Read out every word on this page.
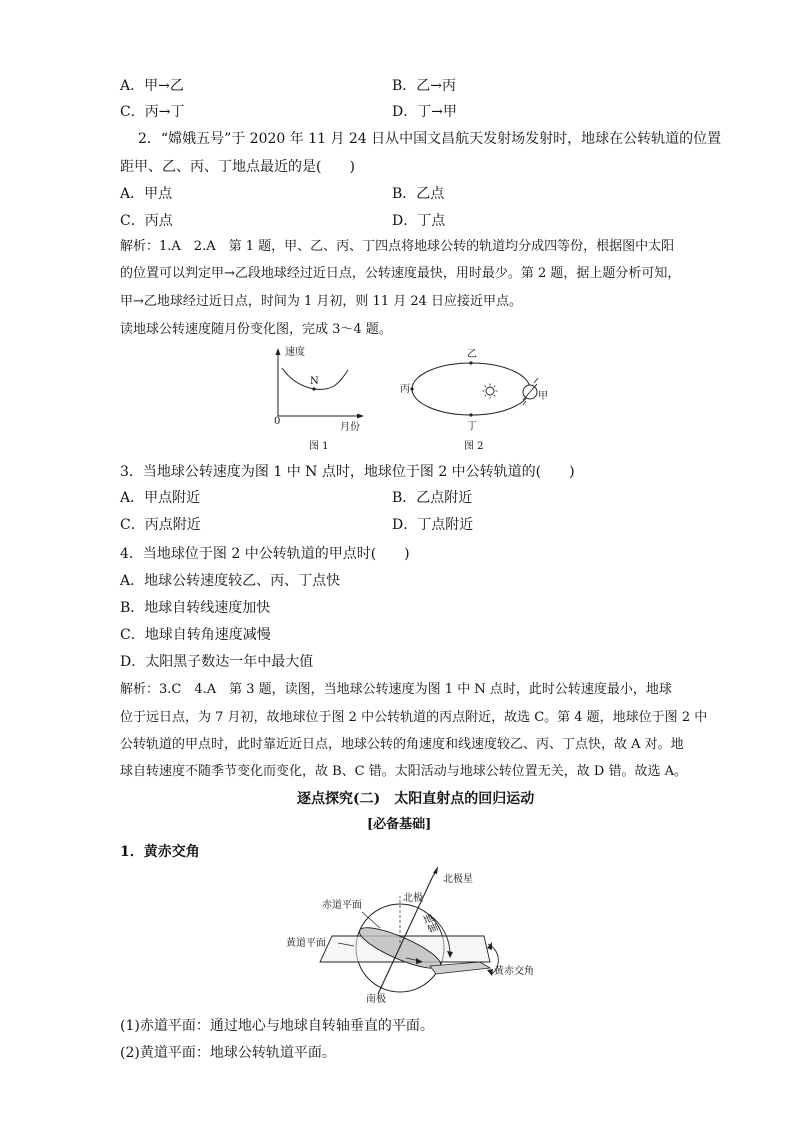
A．甲→乙	B．乙→丙
C．丙→丁	D．丁→甲
2．“嫦娥五号”于 2020 年 11 月 24 日从中国文昌航天发射场发射时，地球在公转轨道的位置
距甲、乙、丙、丁地点最近的是(　　)
A．甲点	B．乙点
C．丙点	D．丁点
解析：1.A　2.A　第 1 题，甲、乙、丙、丁四点将地球公转的轨道均分成四等份，根据图中太阳
的位置可以判定甲→乙段地球经过近日点，公转速度最快，用时最少。第 2 题，据上题分析可知，
甲→乙地球经过近日点，时间为 1 月初，则 11 月 24 日应接近甲点。
读地球公转速度随月份变化图，完成 3～4 题。
速度
N
0
月份
图 1
乙
丙
甲
丁
图 2
3．当地球公转速度为图 1 中 N 点时，地球位于图 2 中公转轨道的(　　)
A．甲点附近	B．乙点附近
C．丙点附近	D．丁点附近
4．当地球位于图 2 中公转轨道的甲点时(　　)
A．地球公转速度较乙、丙、丁点快
B．地球自转线速度加快
C．地球自转角速度减慢
D．太阳黑子数达一年中最大值
解析：3.C　4.A　第 3 题，读图，当地球公转速度为图 1 中 N 点时，此时公转速度最小，地球
位于远日点，为 7 月初，故地球位于图 2 中公转轨道的丙点附近，故选 C。第 4 题，地球位于图 2 中
公转轨道的甲点时，此时靠近近日点，地球公转的角速度和线速度较乙、丙、丁点快，故 A 对。地
球自转速度不随季节变化而变化，故 B、C 错。太阳活动与地球公转位置无关，故 D 错。故选 A。
逐点探究(二)　太阳直射点的回归运动
[必备基础]
1．黄赤交角
北极星
北极
地轴
赤道平面
黄道平面
黄赤交角
南极
(1)赤道平面：通过地心与地球自转轴垂直的平面。
(2)黄道平面：地球公转轨道平面。
